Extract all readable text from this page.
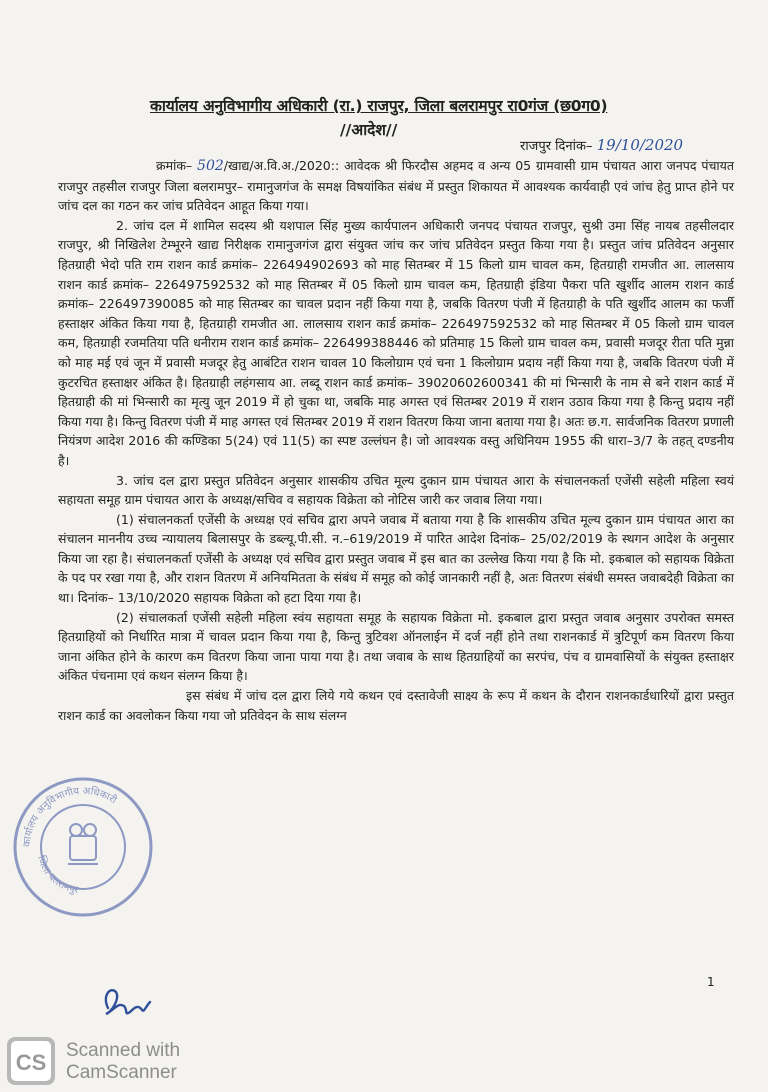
कार्यालय अनुविभागीय अधिकारी (रा.) राजपुर, जिला बलरामपुर रा0गंज (छ0ग0)
//आदेश//
राजपुर दिनांक– 19/10/2020

क्रमांक– 502/खाद्य/अ.वि.अ./2020:: आवेदक श्री फिरदौस अहमद व अन्य 05 ग्रामवासी ग्राम पंचायत आरा जनपद पंचायत राजपुर तहसील राजपुर जिला बलरामपुर– रामानुजगंज के समक्ष विषयांकित संबंध में प्रस्तुत शिकायत में आवश्यक कार्यवाही एवं जांच हेतु प्राप्त होने पर जांच दल का गठन कर जांच प्रतिवेदन आहूत किया गया।

2. जांच दल में शामिल सदस्य श्री यशपाल सिंह मुख्य कार्यपालन अधिकारी जनपद पंचायत राजपुर, सुश्री उमा सिंह नायब तहसीलदार राजपुर, श्री निखिलेश टेम्भूरने खाद्य निरीक्षक रामानुजगंज द्वारा संयुक्त जांच कर जांच प्रतिवेदन प्रस्तुत किया गया है। प्रस्तुत जांच प्रतिवेदन अनुसार हितग्राही भेदो पति राम राशन कार्ड क्रमांक– 226494902693 को माह सितम्बर में 15 किलो ग्राम चावल कम, हितग्राही रामजीत आ. लालसाय राशन कार्ड क्रमांक– 226497592532 को माह सितम्बर में 05 किलो ग्राम चावल कम, हितग्राही इंडिया पैकरा पति खुर्शीद आलम राशन कार्ड क्रमांक– 226497390085 को माह सितम्बर का चावल प्रदान नहीं किया गया है, जबकि वितरण पंजी में हितग्राही के पति खुर्शीद आलम का फर्जी हस्ताक्षर अंकित किया गया है, हितग्राही रामजीत आ. लालसाय राशन कार्ड क्रमांक– 226497592532 को माह सितम्बर में 05 किलो ग्राम चावल कम, हितग्राही रजमतिया पति धनीराम राशन कार्ड क्रमांक– 226499388446 को प्रतिमाह 15 किलो ग्राम चावल कम, प्रवासी मजदूर रीता पति मुन्ना को माह मई एवं जून में प्रवासी मजदूर हेतु आबंटित राशन चावल 10 किलोग्राम एवं चना 1 किलोग्राम प्रदाय नहीं किया गया है, जबकि वितरण पंजी में कुटरचित हस्ताक्षर अंकित है। हितग्राही लहंगसाय आ. लब्दू राशन कार्ड क्रमांक– 39020602600341 की मां भिन्सारी के नाम से बने राशन कार्ड में हितग्राही की मां भिन्सारी का मृत्यु जून 2019 में हो चुका था, जबकि माह अगस्त एवं सितम्बर 2019 में राशन उठाव किया गया है किन्तु प्रदाय नहीं किया गया है। किन्तु वितरण पंजी में माह अगस्त एवं सितम्बर 2019 में राशन वितरण किया जाना बताया गया है। अतः छ.ग. सार्वजनिक वितरण प्रणाली नियंत्रण आदेश 2016 की कण्डिका 5(24) एवं 11(5) का स्पष्ट उल्लंघन है। जो आवश्यक वस्तु अधिनियम 1955 की धारा–3/7 के तहत् दण्डनीय है।

3. जांच दल द्वारा प्रस्तुत प्रतिवेदन अनुसार शासकीय उचित मूल्य दुकान ग्राम पंचायत आरा के संचालनकर्ता एजेंसी सहेली महिला स्वयं सहायता समूह ग्राम पंचायत आरा के अध्यक्ष/सचिव व सहायक विक्रेता को नोटिस जारी कर जवाब लिया गया।

(1) संचालनकर्ता एजेंसी के अध्यक्ष एवं सचिव द्वारा अपने जवाब में बताया गया है कि शासकीय उचित मूल्य दुकान ग्राम पंचायत आरा का संचालन माननीय उच्च न्यायालय बिलासपुर के डब्ल्यू.पी.सी. न.–619/2019 में पारित आदेश दिनांक– 25/02/2019 के स्थगन आदेश के अनुसार किया जा रहा है। संचालनकर्ता एजेंसी के अध्यक्ष एवं सचिव द्वारा प्रस्तुत जवाब में इस बात का उल्लेख किया गया है कि मो. इकबाल को सहायक विक्रेता के पद पर रखा गया है, और राशन वितरण में अनियमितता के संबंध में समूह को कोई जानकारी नहीं है, अतः वितरण संबंधी समस्त जवाबदेही विक्रेता का था। दिनांक– 13/10/2020 सहायक विक्रेता को हटा दिया गया है।

(2) संचालकर्ता एजेंसी सहेली महिला स्वंय सहायता समूह के सहायक विक्रेता मो. इकबाल द्वारा प्रस्तुत जवाब अनुसार उपरोक्त समस्त हितग्राहियों को निर्धारित मात्रा में चावल प्रदान किया गया है, किन्तु त्रुटिवश ऑनलाईन में दर्ज नहीं होने तथा राशनकार्ड में त्रुटिपूर्ण कम वितरण किया जाना अंकित होने के कारण कम वितरण किया जाना पाया गया है। तथा जवाब के साथ हितग्राहियों का सरपंच, पंच व ग्रामवासियों के संयुक्त हस्ताक्षर अंकित पंचनामा एवं कथन संलग्न किया है।

इस संबंध में जांच दल द्वारा लिये गये कथन एवं दस्तावेजी साक्ष्य के रूप में कथन के दौरान राशनकार्डधारियों द्वारा प्रस्तुत राशन कार्ड का अवलोकन किया गया जो प्रतिवेदन के साथ संलग्न

कार्यालय अनुविभागीय अधिकारी
जिला बलरामपुर
1
CS Scanned with
CamScanner
